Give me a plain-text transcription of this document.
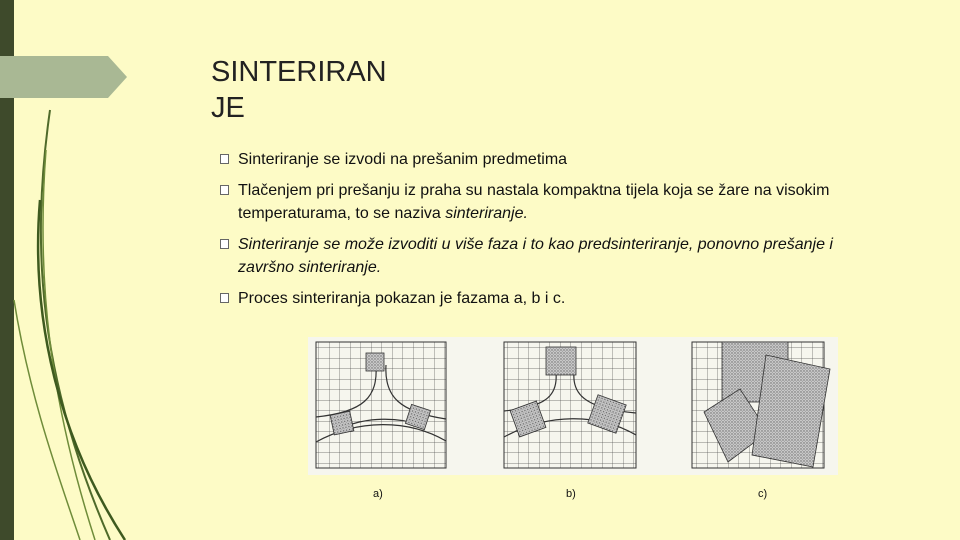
SINTERIRAN
JE
Sinteriranje se izvodi na prešanim predmetima
Tlačenjem pri prešanju iz praha su nastala kompaktna tijela koja se žare na visokim temperaturama, to se naziva sinteriranje.
Sinteriranje se može izvoditi u više faza i to kao predsinteriranje, ponovno prešanje i završno sinteriranje.
Proces sinteriranja pokazan je fazama a, b i c.
a)	b)	c)
